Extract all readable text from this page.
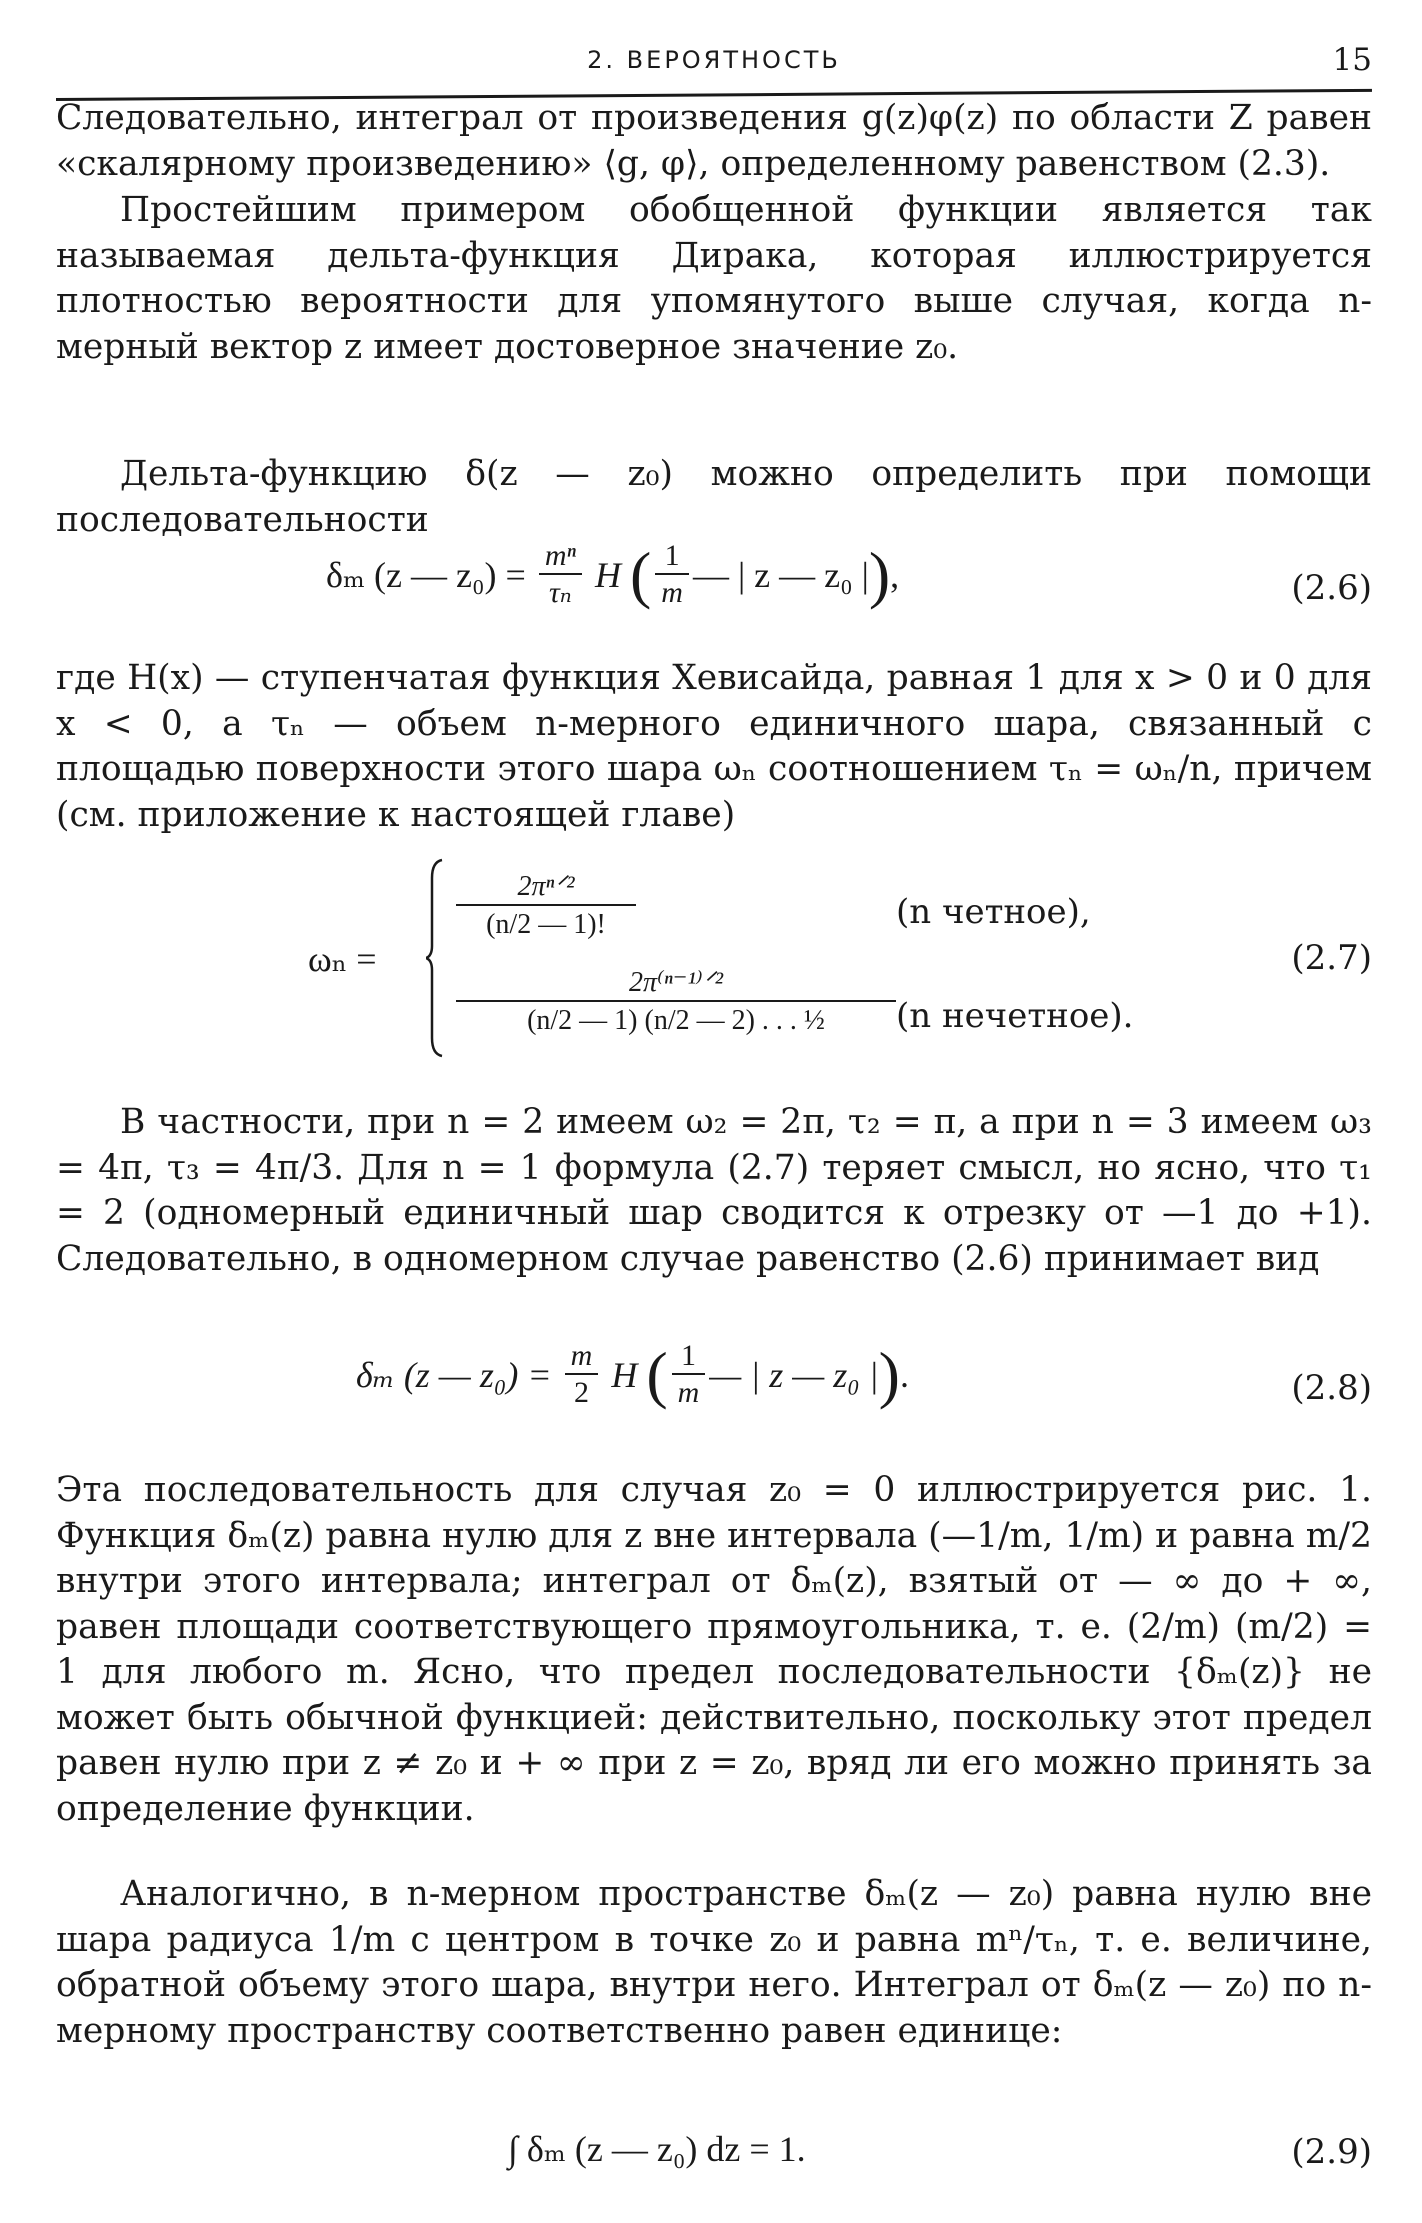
2. ВЕРОЯТНОСТЬ	15

Следовательно, интеграл от произведения g(z)φ(z) по области Z равен «скалярному произведению» ⟨g, φ⟩, определенному равенством (2.3).

Простейшим примером обобщенной функции является так называемая дельта-функция Дирака, которая иллюстрируется плотностью вероятности для упомянутого выше случая, когда n-мерный вектор z имеет достоверное значение z₀.

Дельта-функцию δ(z — z₀) можно определить при помощи последовательности

δₘ (z — $z_0) = \frac{\text{mⁿ}}{\text{τₙ}}$ H ( $\frac{1}{m}$ — | z — z₀ |),	(2.6)

где H(x) — ступенчатая функция Хевисайда, равная 1 для x > 0 и 0 для x < 0, а τₙ — объем n-мерного единичного шара, связанный с площадью поверхности этого шара ωₙ соотношением τₙ = ωₙ/n, причем (см. приложение к настоящей главе)

ωₙ =
2πⁿᐟ²
(n/2 — 1)!	(n четное),
2π⁽ⁿ⁻¹⁾ᐟ²
(n/2 — 1) (n/2 — 2) . . . ½	(n нечетное).
(2.7)

В частности, при n = 2 имеем ω₂ = 2π, τ₂ = π, а при n = 3 имеем ω₃ = 4π, τ₃ = 4π/3. Для n = 1 формула (2.7) теряет смысл, но ясно, что τ₁ = 2 (одномерный единичный шар сводится к отрезку от —1 до +1). Следовательно, в одномерном случае равенство (2.6) принимает вид

δₘ (z — $z_0) = \frac{m}{2}$ H ( $\frac{1}{m}$ — | z — z₀ |).	(2.8)

Эта последовательность для случая z₀ = 0 иллюстрируется рис. 1. Функция δₘ(z) равна нулю для z вне интервала (—1/m, 1/m) и равна m/2 внутри этого интервала; интеграл от δₘ(z), взятый от — ∞ до + ∞, равен площади соответствующего прямоугольника, т. е. (2/m) (m/2) = 1 для любого m. Ясно, что предел последовательности {δₘ(z)} не может быть обычной функцией: действительно, поскольку этот предел равен нулю при z ≠ z₀ и + ∞ при z = z₀, вряд ли его можно принять за определение функции.

Аналогично, в n-мерном пространстве δₘ(z — z₀) равна нулю вне шара радиуса 1/m с центром в точке z₀ и равна mⁿ/τₙ, т. е. величине, обратной объему этого шара, внутри него. Интеграл от δₘ(z — z₀) по n-мерному пространству соответственно равен единице:

∫ δₘ (z — z₀) dz = 1.	(2.9)
